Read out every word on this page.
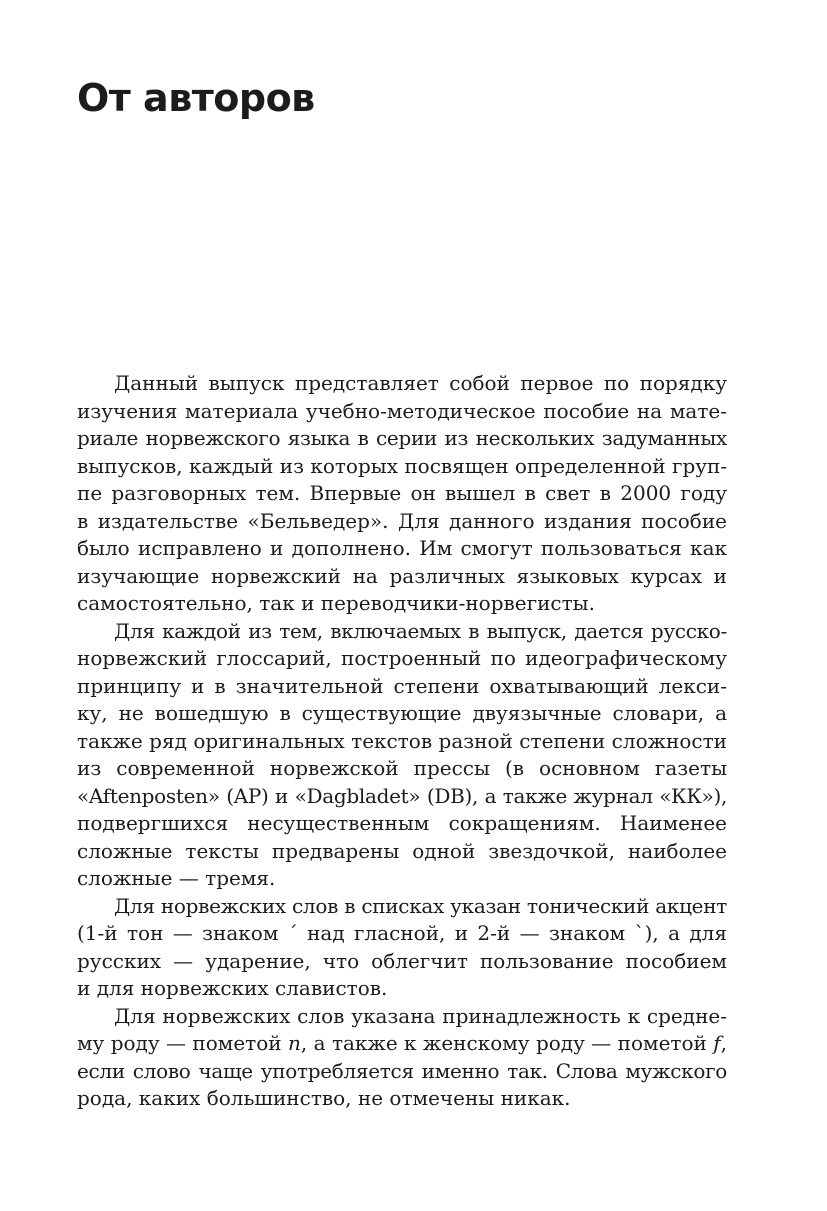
От авторов

Данный выпуск представляет собой первое по порядку
изучения материала учебно-методическое пособие на мате-
риале норвежского языка в серии из нескольких задуманных
выпусков, каждый из которых посвящен определенной груп-
пе разговорных тем. Впервые он вышел в свет в 2000 году
в издательстве «Бельведер». Для данного издания пособие
было исправлено и дополнено. Им смогут пользоваться как
изучающие норвежский на различных языковых курсах и
самостоятельно, так и переводчики-норвегисты.

Для каждой из тем, включаемых в выпуск, дается русско-
норвежский глоссарий, построенный по идеографическому
принципу и в значительной степени охватывающий лекси-
ку, не вошедшую в существующие двуязычные словари, а
также ряд оригинальных текстов разной степени сложности
из современной норвежской прессы (в основном газеты
«Aftenposten» (AP) и «Dagbladet» (DB), а также журнал «КК»),
подвергшихся несущественным сокращениям. Наименее
сложные тексты предварены одной звездочкой, наиболее
сложные — тремя.

Для норвежских слов в списках указан тонический акцент
(1-й тон — знаком ´ над гласной, и 2-й — знаком `), а для
русских — ударение, что облегчит пользование пособием
и для норвежских славистов.

Для норвежских слов указана принадлежность к средне-
му роду — пометой n, а также к женскому роду — пометой f,
если слово чаще употребляется именно так. Слова мужского
рода, каких большинство, не отмечены никак.
